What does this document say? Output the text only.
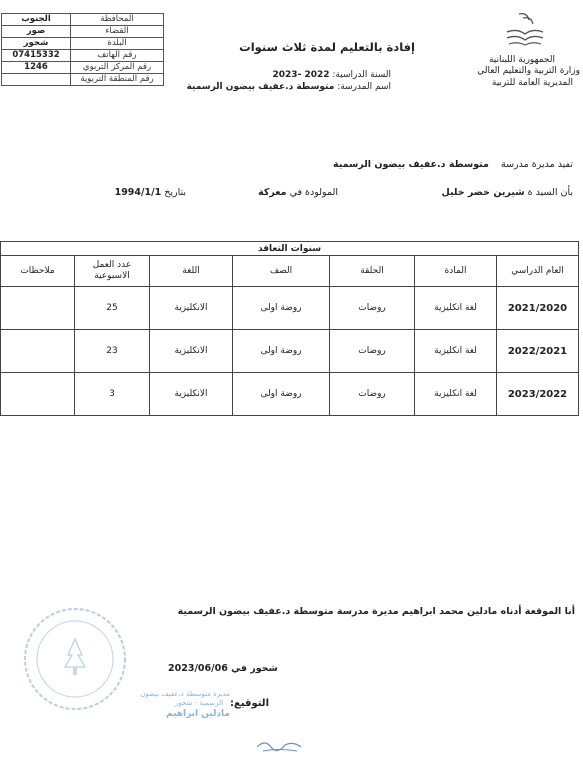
الجمهورية اللبنانية
وزارة التربية والتعليم العالي
المديرية العامة للتربية
إفادة بالتعليم لمدة ثلاث سنوات
السنة الدراسية: 2022 -2023
اسم المدرسة: متوسطة د.عفيف بيضون الرسمية
المحافظة	الجنوب
القضاء	صور
البلدة	شحور
رقم الهاتف	07415332
رقم المركز التربوي	1246
رقم المنطقة التربوية	
تفيد مديرة مدرسة    متوسطة د.عفيف بيضون الرسمية
بأن السيد ة شيرين خضر خليل
المولودة في معركة
بتاريخ 1994/1/1
سنوات التعاقد						
العام الدراسي	المادة	الحلقة	الصف	اللغة	عدد العمل الاسبوعية	ملاحظات
2021/2020	لغة انكليزية	روضات	روضة اولى	الانكليزية	25	
2022/2021	لغة انكليزية	روضات	روضة اولى	الانكليزية	23	
2023/2022	لغة انكليزية	روضات	روضة اولى	الانكليزية	3	
أنا الموقعة أدناه مادلين محمد ابراهيم مديرة مدرسة متوسطة د.عفيف بيضون الرسمية
شحور في 2023/06/06
التوقيع:
مديرة متوسطة د.عفيف بيضون
الرسمية - شحور
مادلين ابراهيم
